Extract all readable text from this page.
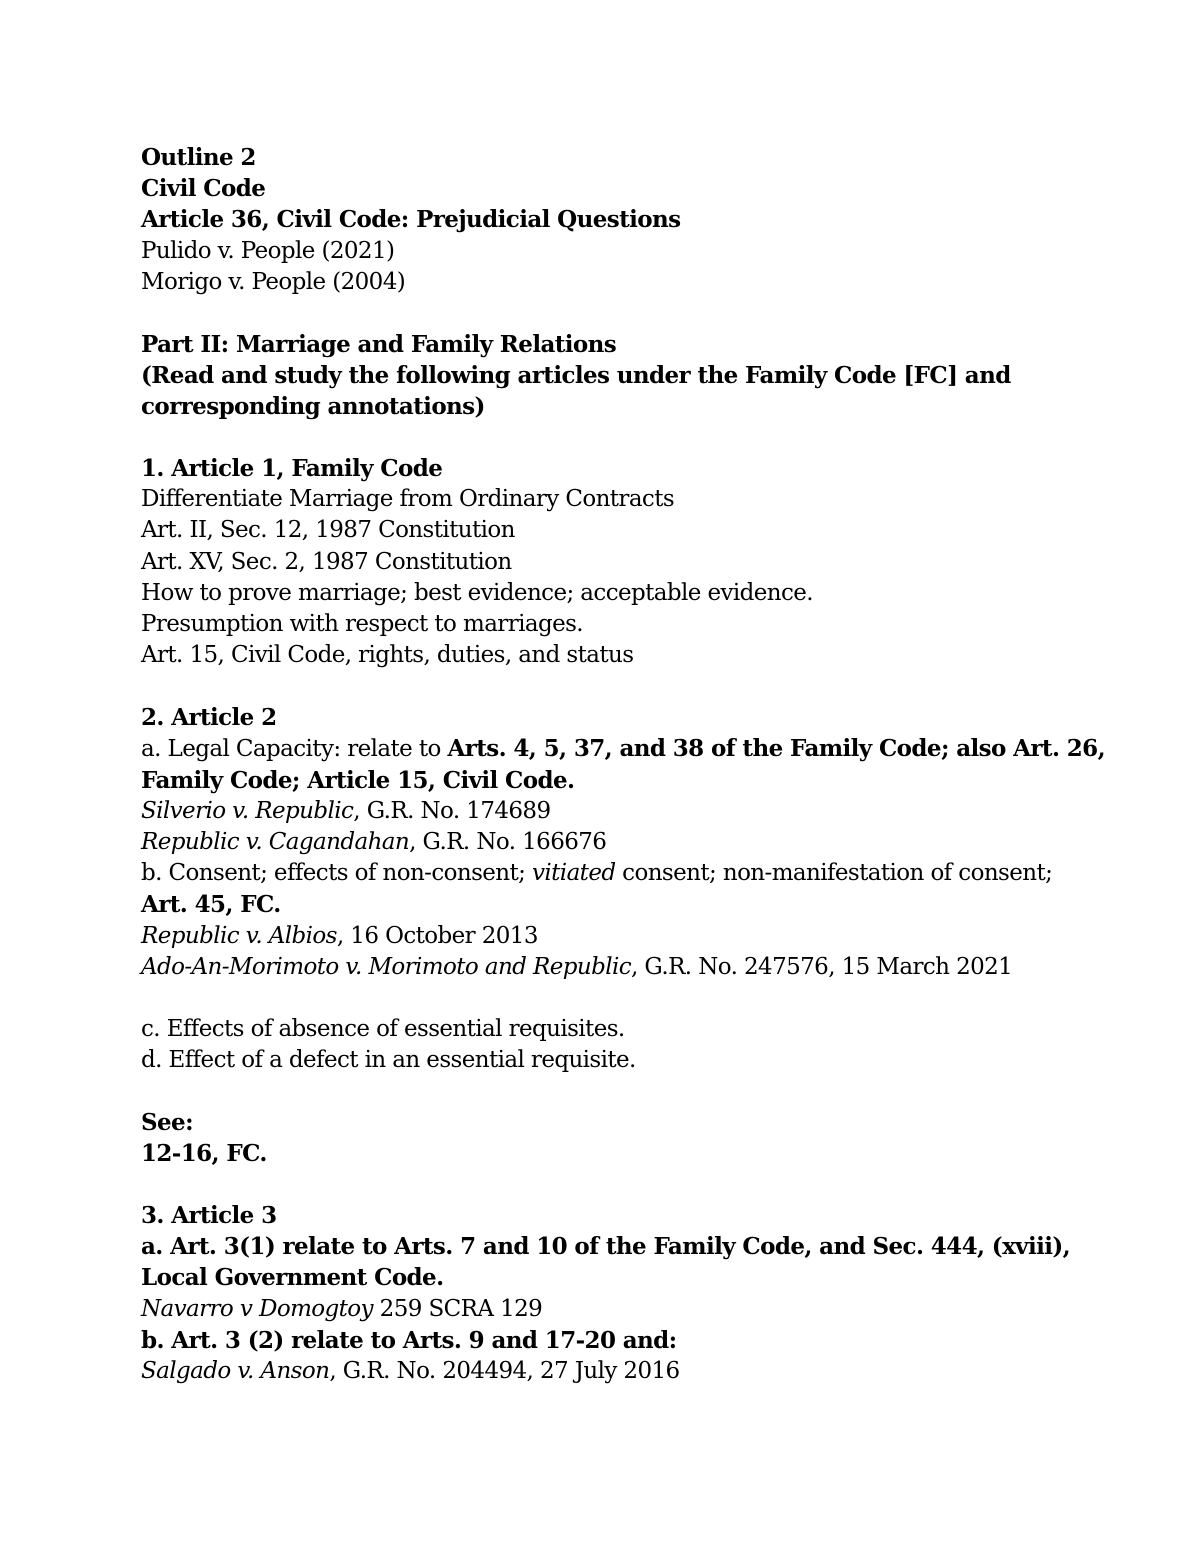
Outline 2
Civil Code
Article 36, Civil Code: Prejudicial Questions
Pulido v. People (2021)
Morigo v. People (2004)
Part II: Marriage and Family Relations
(Read and study the following articles under the Family Code [FC] and
corresponding annotations)
1. Article 1, Family Code
Differentiate Marriage from Ordinary Contracts
Art. II, Sec. 12, 1987 Constitution
Art. XV, Sec. 2, 1987 Constitution
How to prove marriage; best evidence; acceptable evidence.
Presumption with respect to marriages.
Art. 15, Civil Code, rights, duties, and status
2. Article 2
a. Legal Capacity: relate to Arts. 4, 5, 37, and 38 of the Family Code; also Art. 26,
Family Code; Article 15, Civil Code.
Silverio v. Republic, G.R. No. 174689
Republic v. Cagandahan, G.R. No. 166676
b. Consent; effects of non-consent; vitiated consent; non-manifestation of consent;
Art. 45, FC.
Republic v. Albios, 16 October 2013
Ado-An-Morimoto v. Morimoto and Republic, G.R. No. 247576, 15 March 2021
c. Effects of absence of essential requisites.
d. Effect of a defect in an essential requisite.
See:
12-16, FC.
3. Article 3
a. Art. 3(1) relate to Arts. 7 and 10 of the Family Code, and Sec. 444, (xviii),
Local Government Code.
Navarro v Domogtoy 259 SCRA 129
b. Art. 3 (2) relate to Arts. 9 and 17-20 and:
Salgado v. Anson, G.R. No. 204494, 27 July 2016
